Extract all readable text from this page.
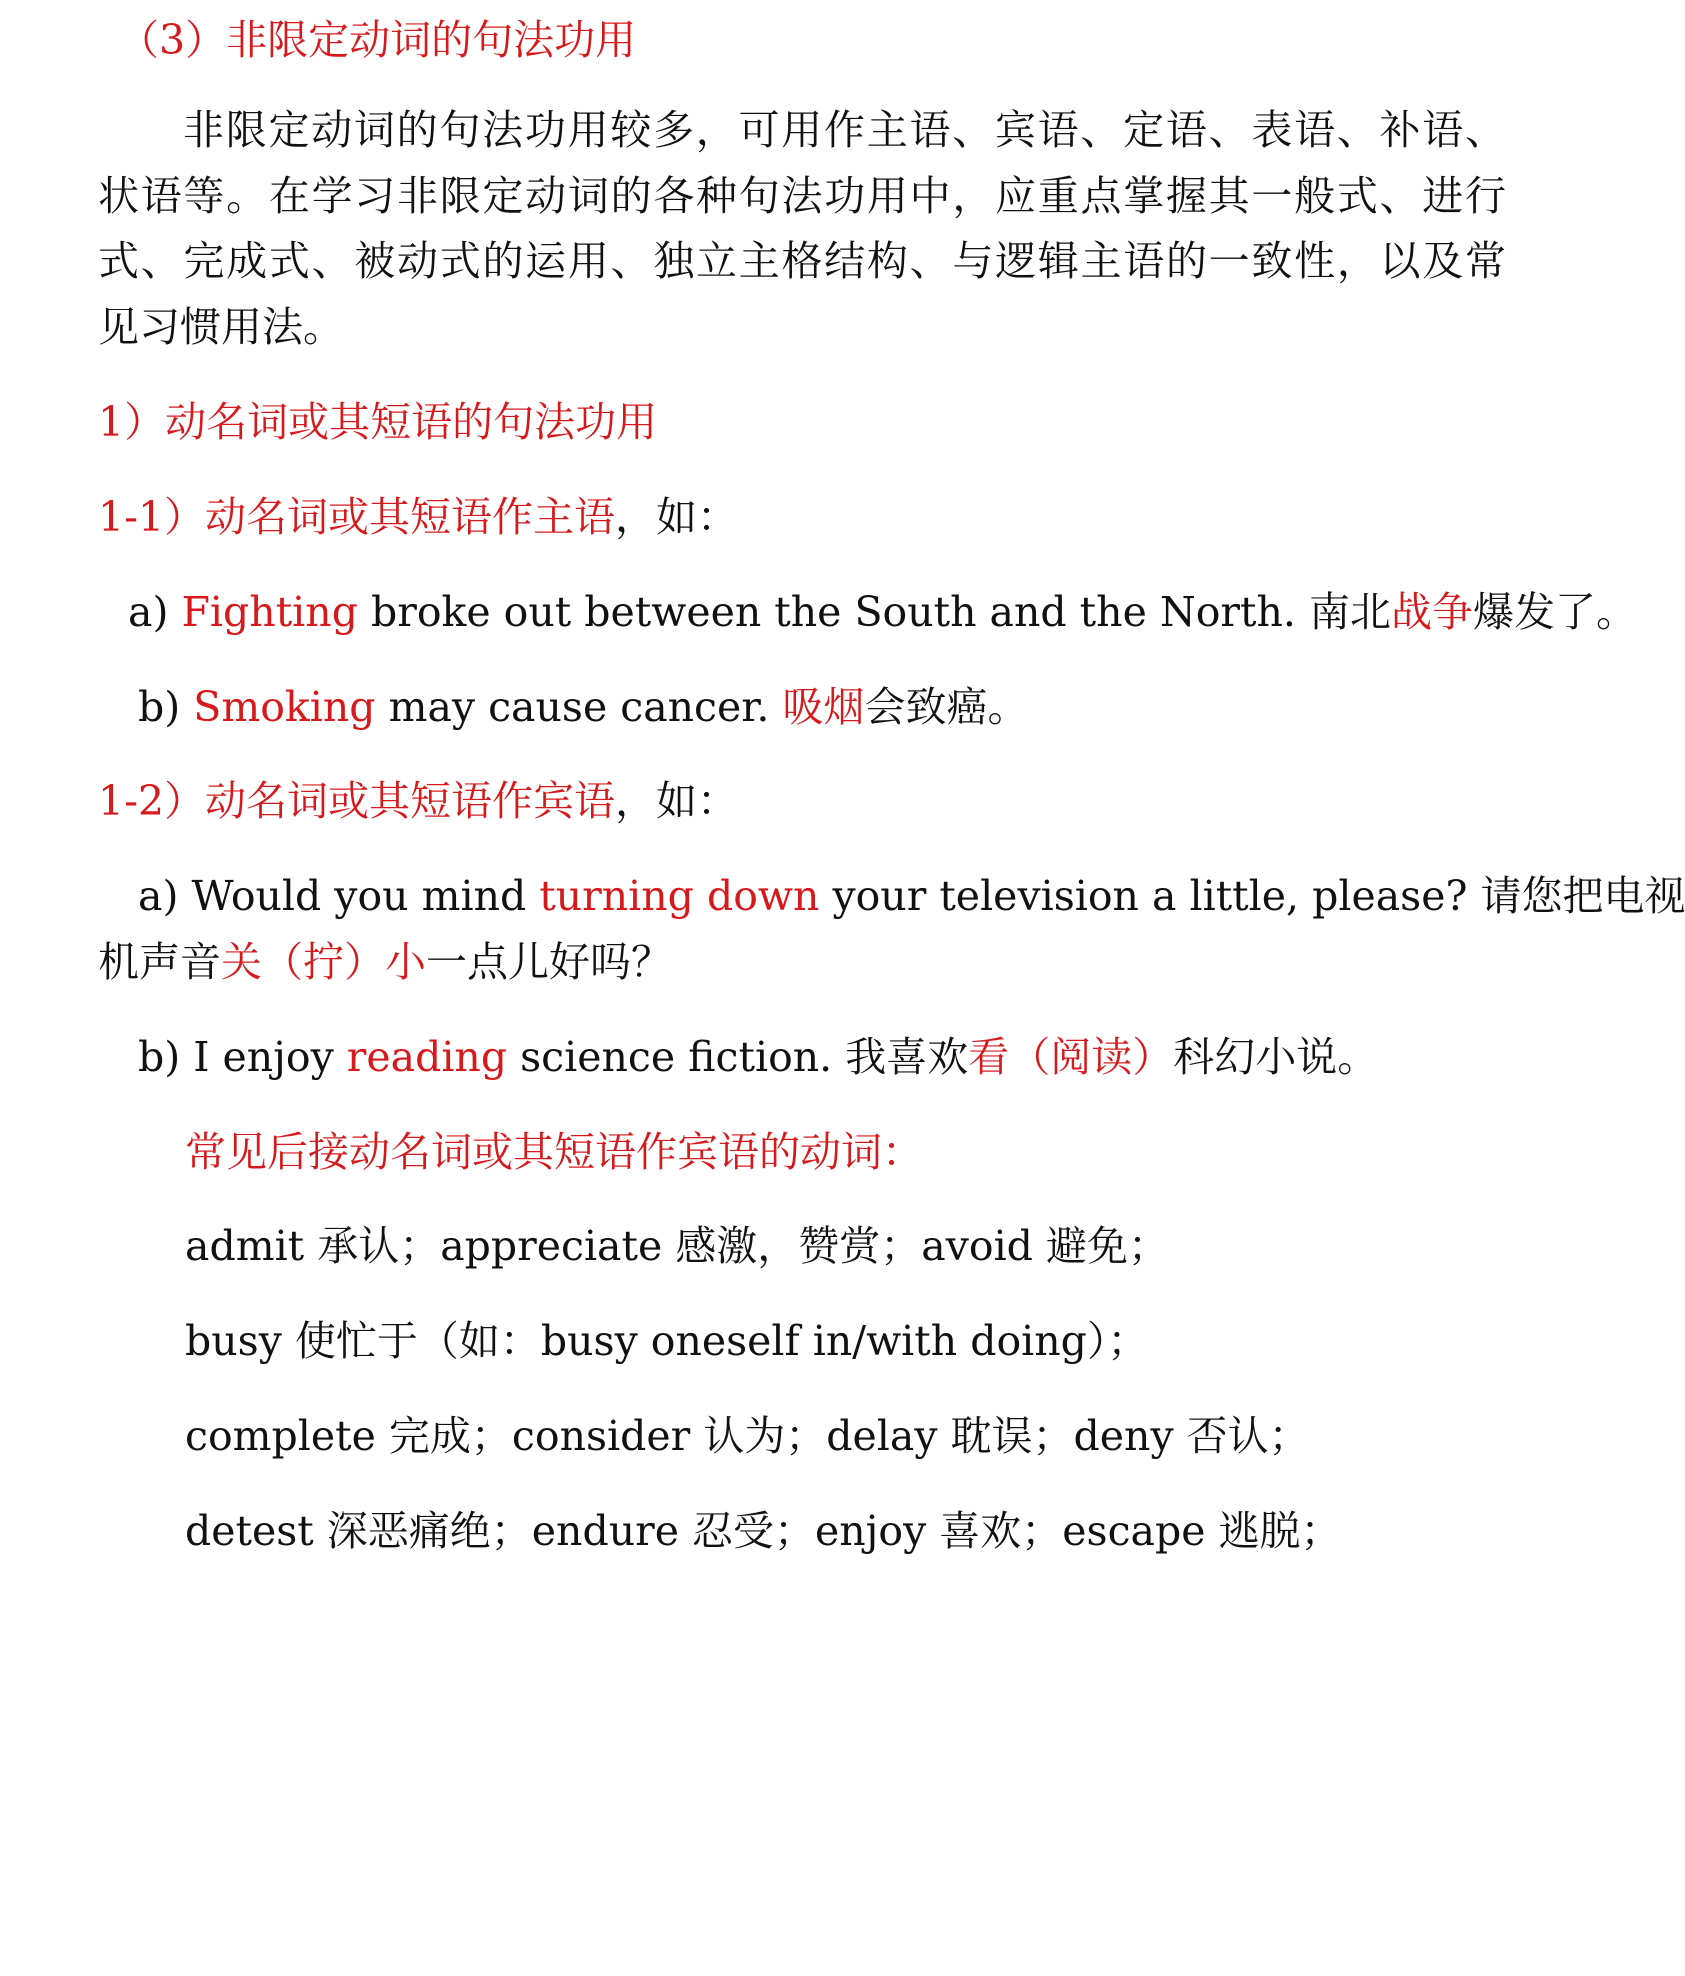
（3）非限定动词的句法功用
非限定动词的句法功用较多，可用作主语、宾语、定语、表语、补语、
状语等。在学习非限定动词的各种句法功用中，应重点掌握其一般式、进行
式、完成式、被动式的运用、独立主格结构、与逻辑主语的一致性，以及常
见习惯用法。
1）动名词或其短语的句法功用
1-1）动名词或其短语作主语，如：
a) Fighting broke out between the South and the North. 南北战争爆发了。
b) Smoking may cause cancer. 吸烟会致癌。
1-2）动名词或其短语作宾语，如：
a) Would you mind turning down your television a little, please? 请您把电视
机声音关（拧）小一点儿好吗？
b) I enjoy reading science fiction. 我喜欢看（阅读）科幻小说。
常见后接动名词或其短语作宾语的动词：
admit 承认；appreciate 感激，赞赏；avoid 避免；
busy 使忙于（如：busy oneself in/with doing）；
complete 完成；consider 认为；delay 耽误；deny 否认；
detest 深恶痛绝；endure 忍受；enjoy 喜欢；escape 逃脱；
